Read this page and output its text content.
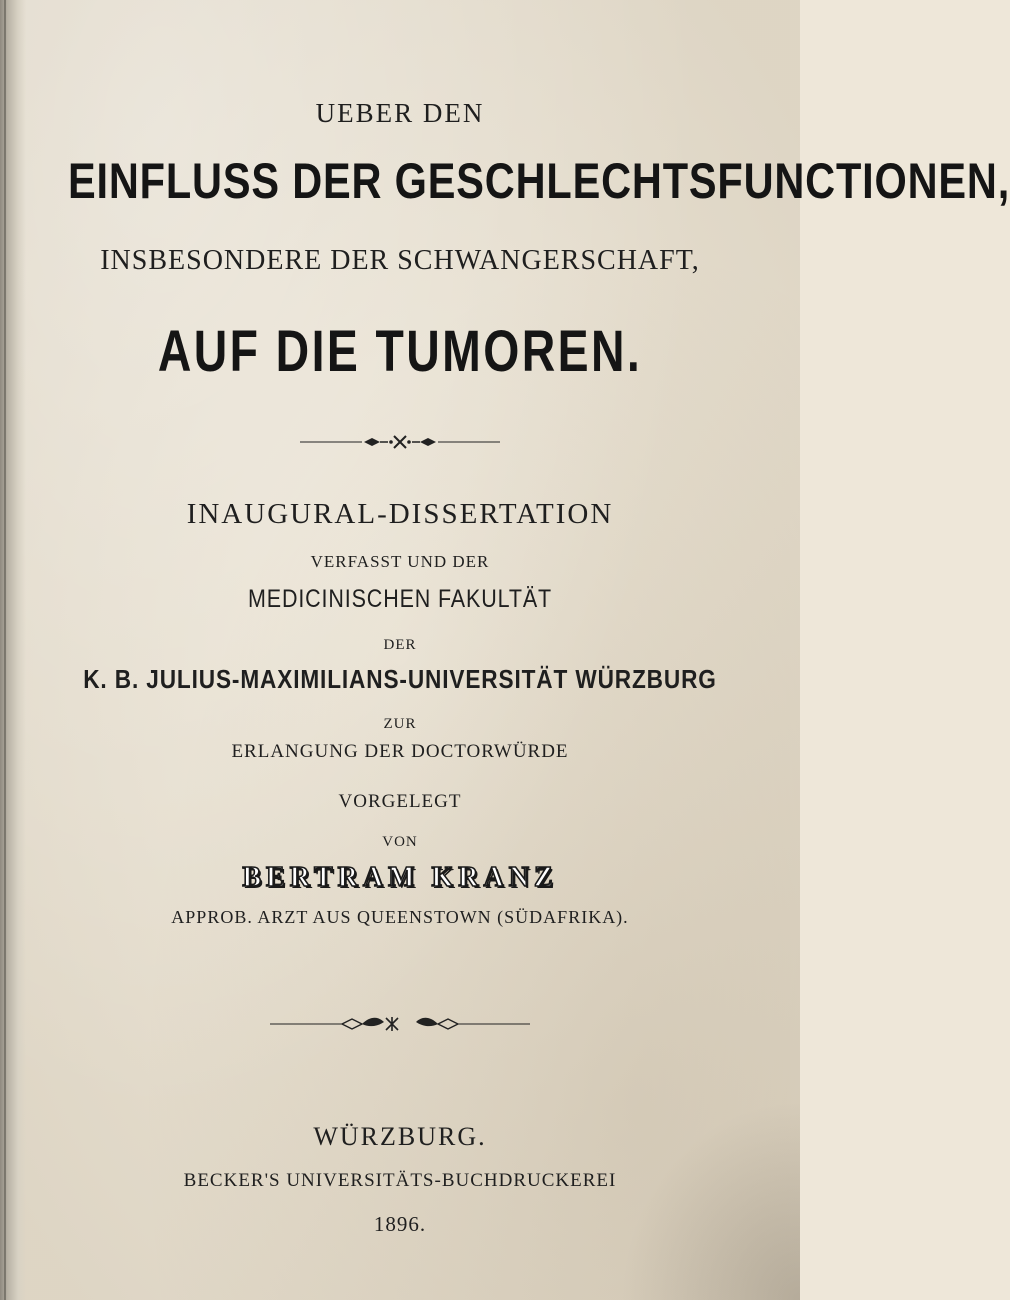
UEBER DEN
EINFLUSS DER GESCHLECHTSFUNCTIONEN,
INSBESONDERE DER SCHWANGERSCHAFT,
AUF DIE TUMOREN.
INAUGURAL-DISSERTATION
VERFASST UND DER
MEDICINISCHEN FAKULTÄT
DER
K. B. JULIUS-MAXIMILIANS-UNIVERSITÄT WÜRZBURG
ZUR
ERLANGUNG DER DOCTORWÜRDE
VORGELEGT
VON
BERTRAM KRANZ
APPROB. ARZT AUS QUEENSTOWN (SÜDAFRIKA).
WÜRZBURG.
BECKER'S UNIVERSITÄTS-BUCHDRUCKEREI
1896.
